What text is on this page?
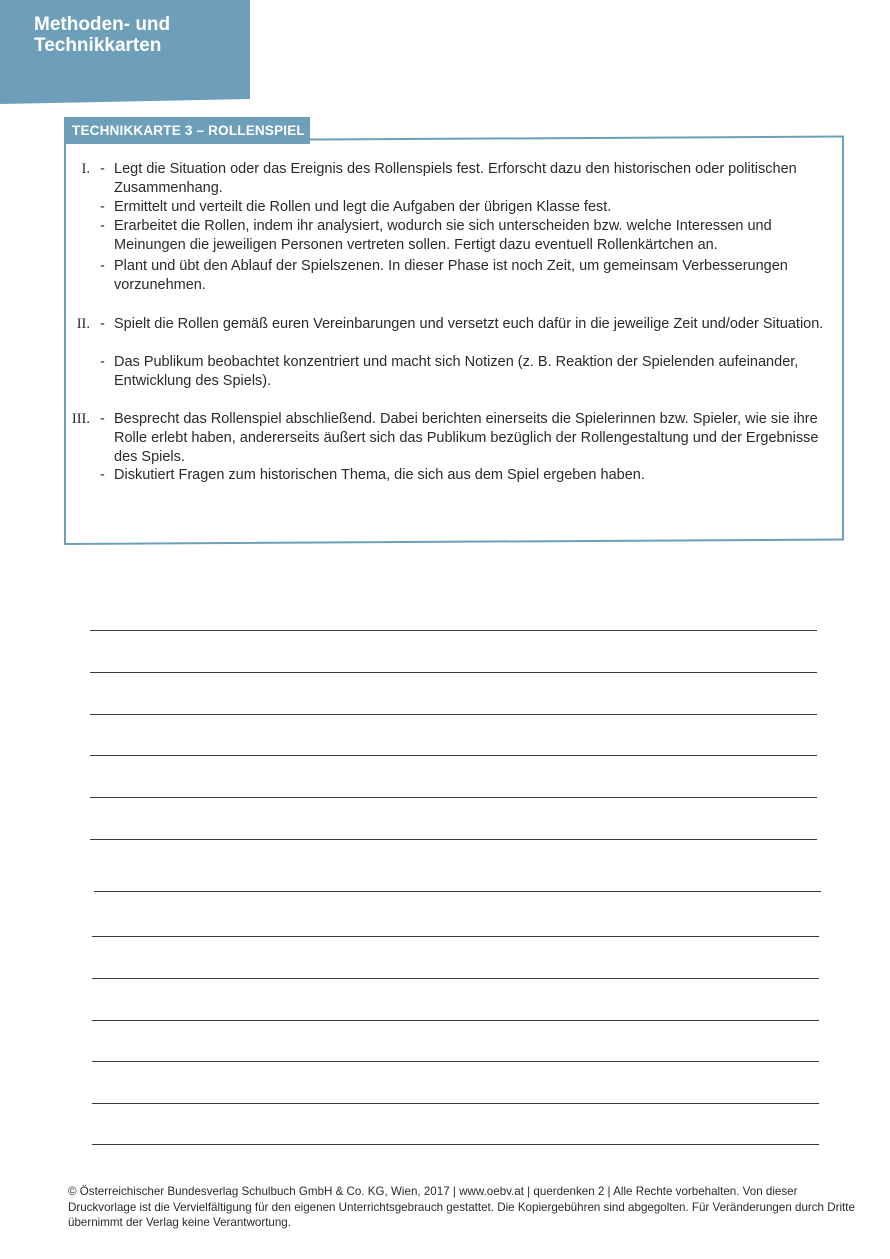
Methoden- und
Technikkarten
TECHNIKKARTE 3 – ROLLENSPIEL
I. - Legt die Situation oder das Ereignis des Rollenspiels fest. Erforscht dazu den historischen oder politischen Zusammenhang.
- Ermittelt und verteilt die Rollen und legt die Aufgaben der übrigen Klasse fest.
- Erarbeitet die Rollen, indem ihr analysiert, wodurch sie sich unterscheiden bzw. welche Interessen und Meinungen die jeweiligen Personen vertreten sollen. Fertigt dazu eventuell Rollenkärtchen an.
- Plant und übt den Ablauf der Spielszenen. In dieser Phase ist noch Zeit, um gemeinsam Verbesserungen vorzunehmen.
II. - Spielt die Rollen gemäß euren Vereinbarungen und versetzt euch dafür in die jeweilige Zeit und/oder Situation.
- Das Publikum beobachtet konzentriert und macht sich Notizen (z. B. Reaktion der Spielenden aufeinander, Entwicklung des Spiels).
III. - Besprecht das Rollenspiel abschließend. Dabei berichten einerseits die Spielerinnen bzw. Spieler, wie sie ihre Rolle erlebt haben, andererseits äußert sich das Publikum bezüglich der Rollengestaltung und der Ergebnisse des Spiels.
- Diskutiert Fragen zum historischen Thema, die sich aus dem Spiel ergeben haben.
© Österreichischer Bundesverlag Schulbuch GmbH & Co. KG, Wien, 2017 | www.oebv.at | querdenken 2 | Alle Rechte vorbehalten. Von dieser Druckvorlage ist die Vervielfältigung für den eigenen Unterrichtsgebrauch gestattet. Die Kopiergebühren sind abgegolten. Für Veränderungen durch Dritte übernimmt der Verlag keine Verantwortung.
